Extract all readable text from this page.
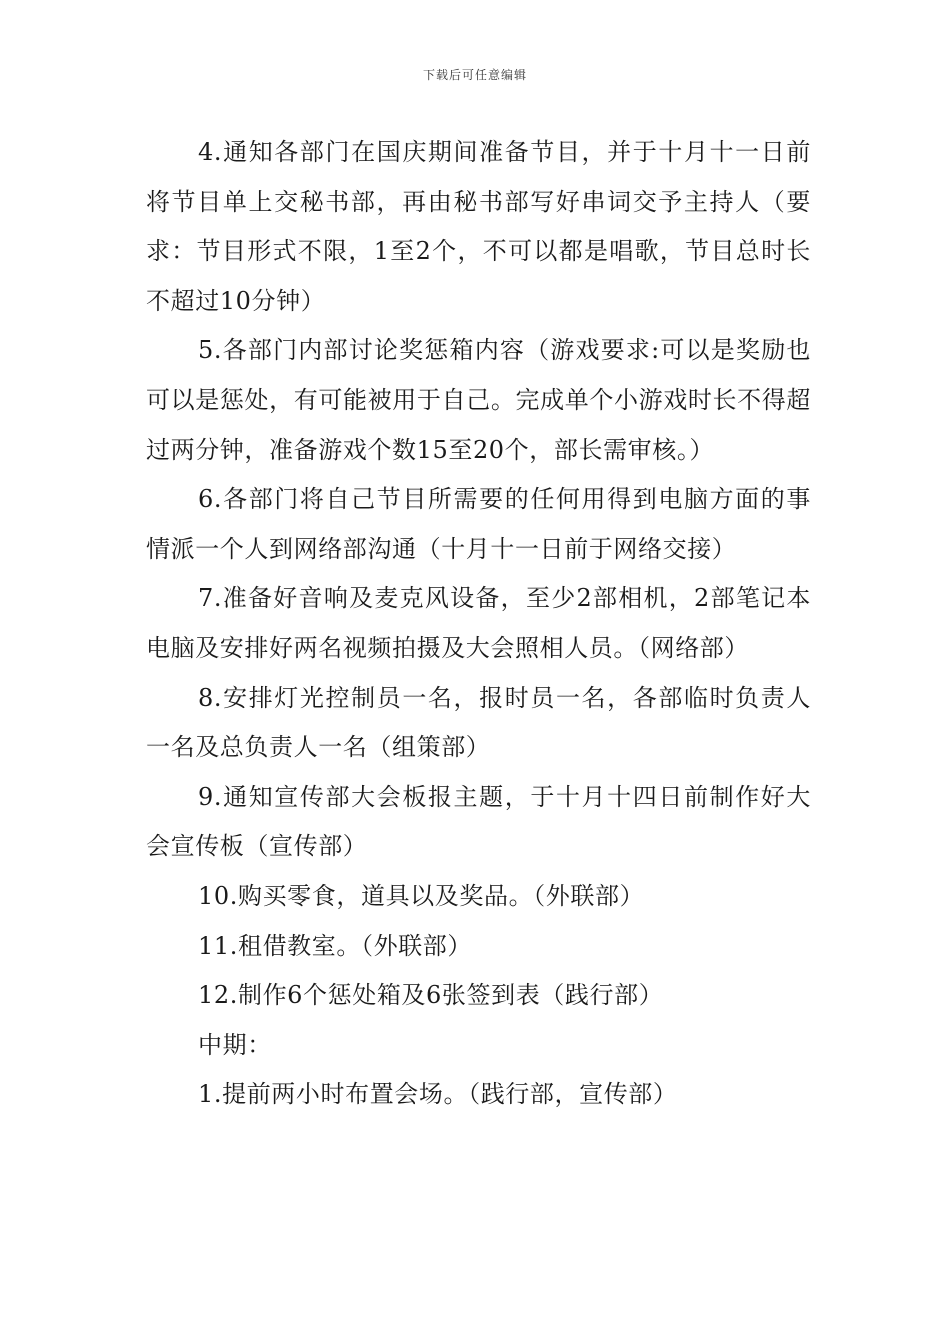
下载后可任意编辑

4.通知各部门在国庆期间准备节目，并于十月十一日前将节目单上交秘书部，再由秘书部写好串词交予主持人（要求：节目形式不限，1至2个，不可以都是唱歌，节目总时长不超过10分钟）

5.各部门内部讨论奖惩箱内容（游戏要求:可以是奖励也可以是惩处，有可能被用于自己。完成单个小游戏时长不得超过两分钟，准备游戏个数15至20个，部长需审核。）

6.各部门将自己节目所需要的任何用得到电脑方面的事情派一个人到网络部沟通（十月十一日前于网络交接）

7.准备好音响及麦克风设备，至少2部相机，2部笔记本电脑及安排好两名视频拍摄及大会照相人员。（网络部）

8.安排灯光控制员一名，报时员一名，各部临时负责人一名及总负责人一名（组策部）

9.通知宣传部大会板报主题，于十月十四日前制作好大会宣传板（宣传部）

10.购买零食，道具以及奖品。（外联部）

11.租借教室。（外联部）

12.制作6个惩处箱及6张签到表（践行部）

中期：

1.提前两小时布置会场。（践行部，宣传部）
